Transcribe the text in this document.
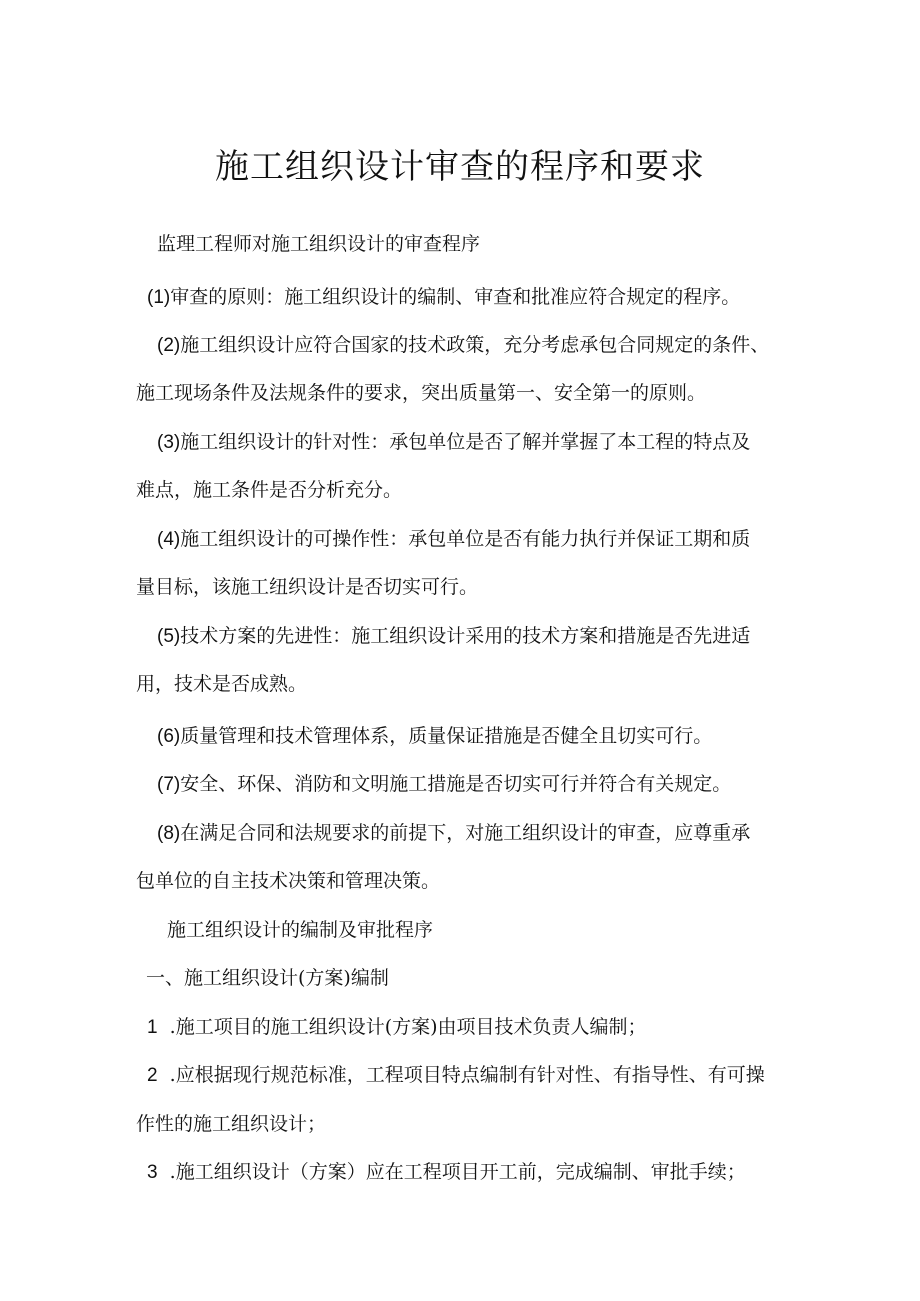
施工组织设计审查的程序和要求

监理工程师对施工组织设计的审查程序

(1)审查的原则：施工组织设计的编制、审查和批准应符合规定的程序。

(2)施工组织设计应符合国家的技术政策，充分考虑承包合同规定的条件、

施工现场条件及法规条件的要求，突出质量第一、安全第一的原则。

(3)施工组织设计的针对性：承包单位是否了解并掌握了本工程的特点及

难点，施工条件是否分析充分。

(4)施工组织设计的可操作性：承包单位是否有能力执行并保证工期和质

量目标，该施工纽织设计是否切实可行。

(5)技术方案的先进性：施工组织设计采用的技术方案和措施是否先进适

用，技术是否成熟。

(6)质量管理和技术管理体系，质量保证措施是否健全且切实可行。

(7)安全、环保、消防和文明施工措施是否切实可行并符合有关规定。

(8)在满足合同和法规要求的前提下，对施工组织设计的审查，应尊重承

包单位的自主技术决策和管理决策。

施工组织设计的编制及审批程序

一、施工组织设计(方案)编制

1 .施工项目的施工组织设计(方案)由项目技术负责人编制；

2 .应根据现行规范标准，工程项目特点编制有针对性、有指导性、有可操

作性的施工组织设计；

3 .施工组织设计（方案）应在工程项目开工前，完成编制、审批手续；
